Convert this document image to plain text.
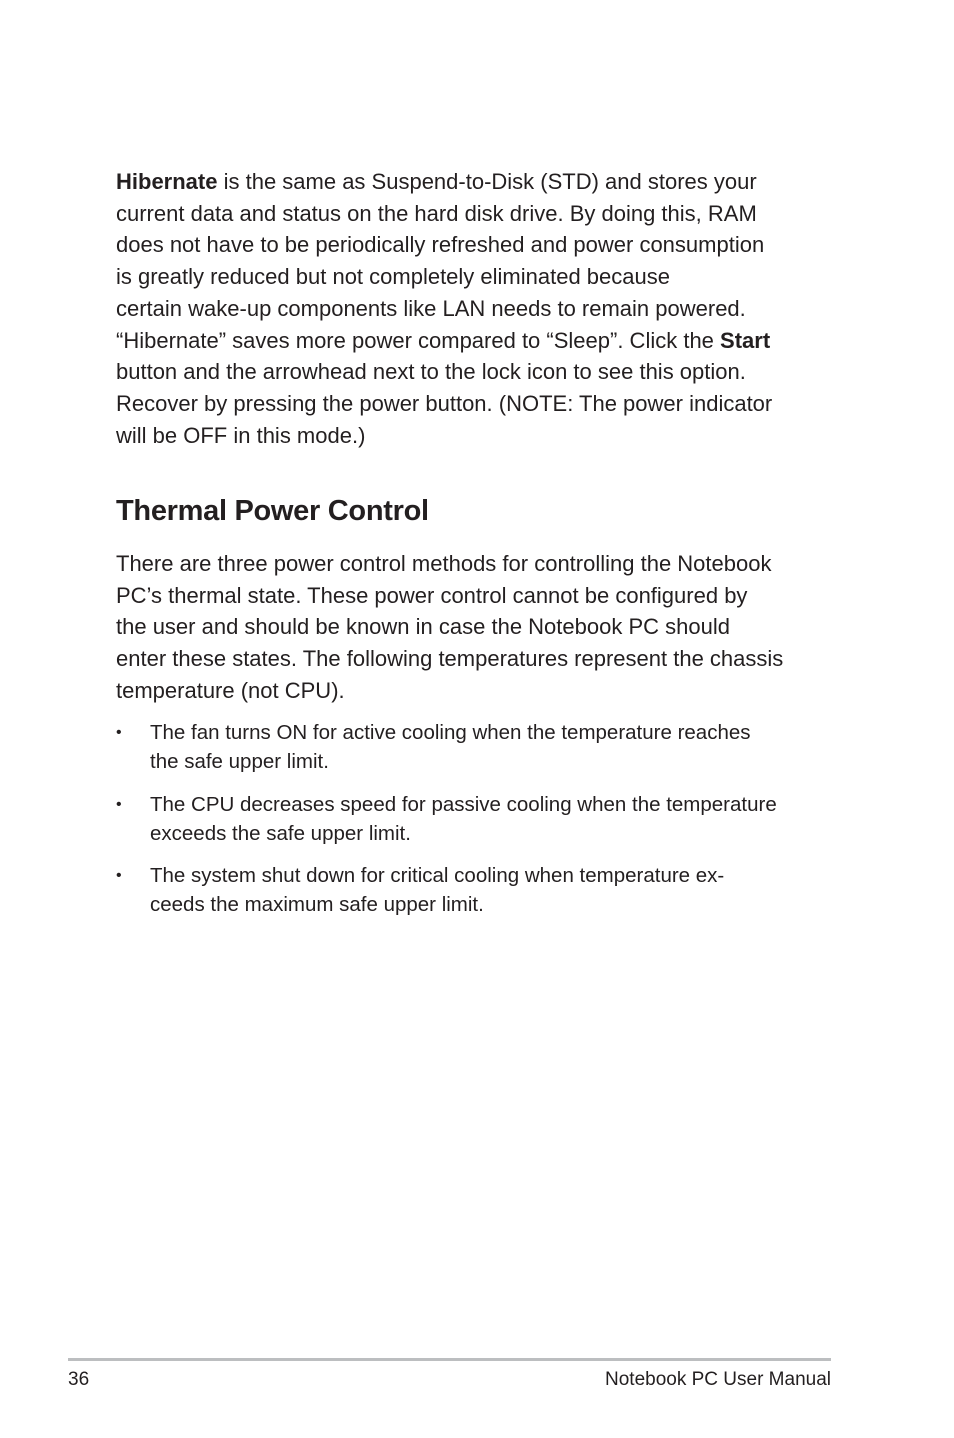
Hibernate is the same as Suspend-to-Disk (STD) and stores your
current data and status on the hard disk drive. By doing this, RAM
does not have to be periodically refreshed and power consumption
is greatly reduced but not completely eliminated because
certain wake-up components like LAN needs to remain powered.
“Hibernate” saves more power compared to “Sleep”. Click the Start
button and the arrowhead next to the lock icon to see this option.
Recover by pressing the power button. (NOTE: The power indicator
will be OFF in this mode.)

Thermal Power Control

There are three power control methods for controlling the Notebook
PC’s thermal state. These power control cannot be configured by
the user and should be known in case the Notebook PC should
enter these states. The following temperatures represent the chassis
temperature (not CPU).

• The fan turns ON for active cooling when the temperature reaches
the safe upper limit.
• The CPU decreases speed for passive cooling when the temperature
exceeds the safe upper limit.
• The system shut down for critical cooling when temperature ex-
ceeds the maximum safe upper limit.
36	Notebook PC User Manual
